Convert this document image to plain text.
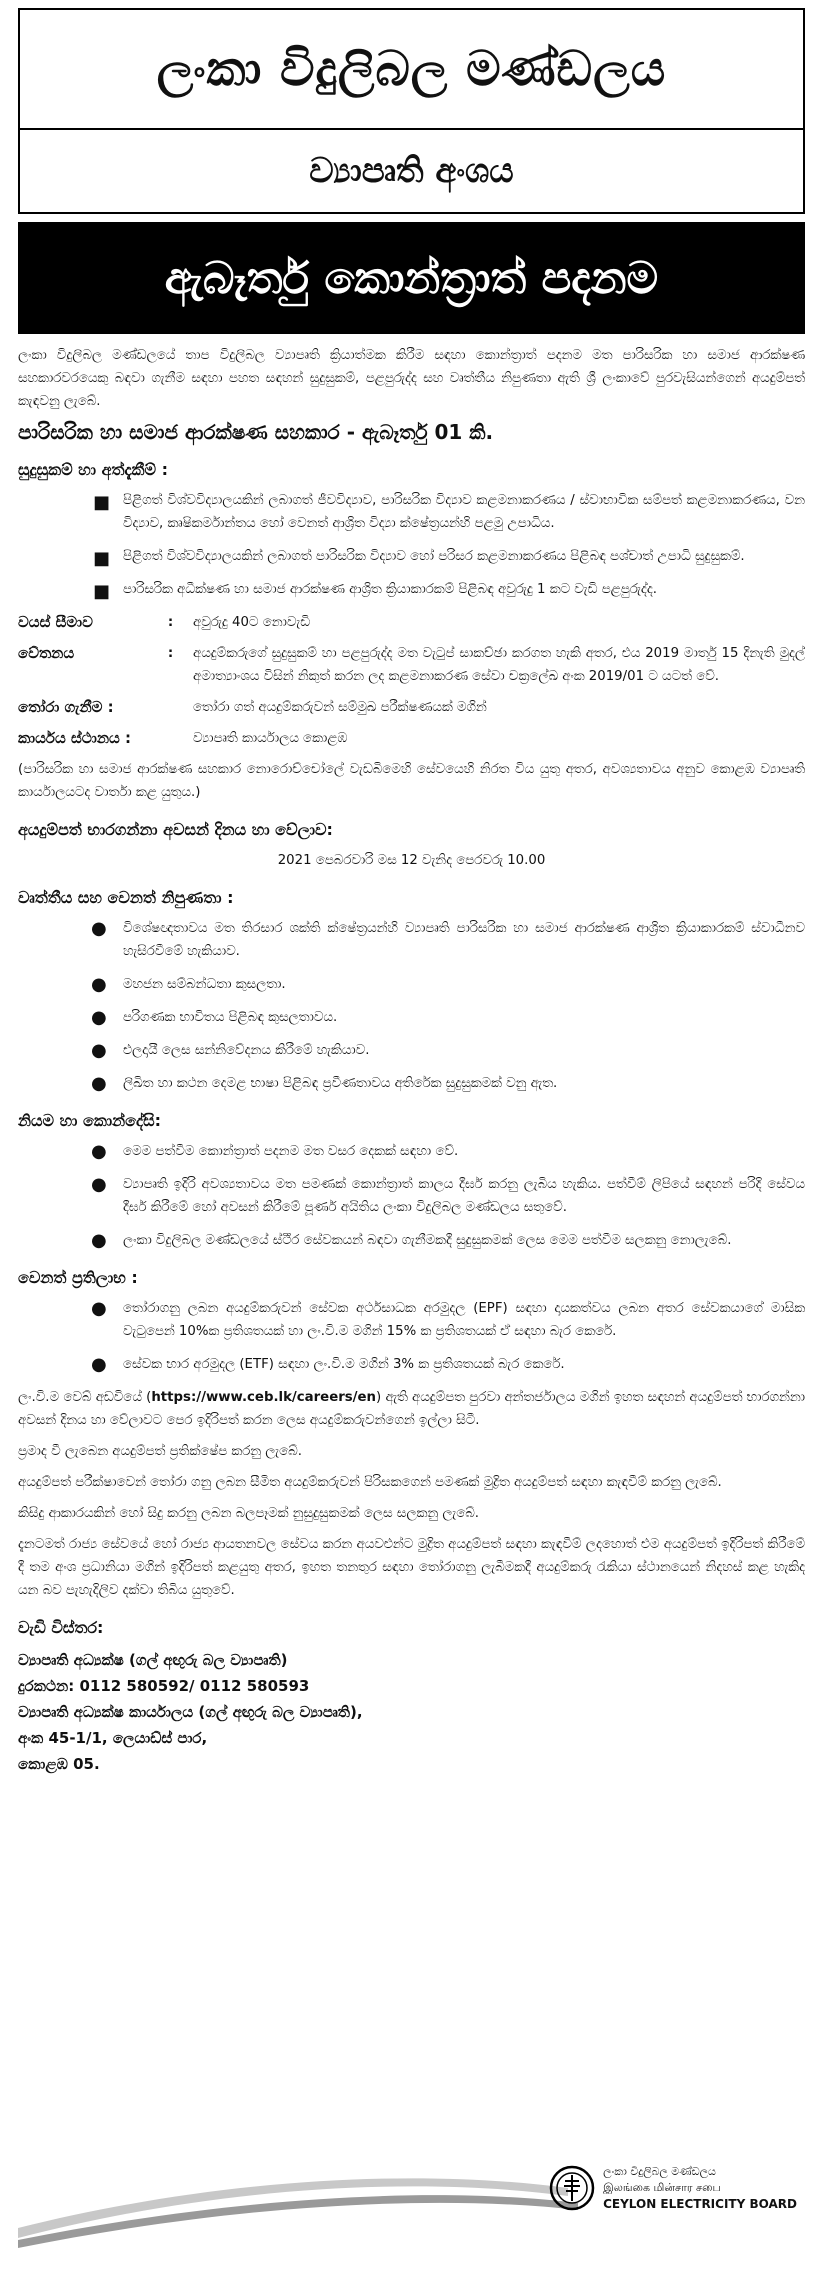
ලංකා විදුලිබල මණ්ඩලය
ව්‍යාපෘති අංශය
ඇබෑර්තු කොන්ත්‍රාත් පදනම

ලංකා විදුලිබල මණ්ඩලයේ තාප විදුලිබල ව්‍යාපෘති ක්‍රියාත්මක කිරීම සඳහා කොන්ත්‍රාත් පදනම මත පාරිසරික හා සමාජ ආරක්ෂණ සහකාරවරයෙකු බඳවා ගැනීම සඳහා පහත සඳහන් සුදුසුකම්, පළපුරුද්ද සහ වෘත්තීය නිපුණතා ඇති ශ්‍රී ලංකාවේ පුරවැසියන්ගෙන් අයදුම්පත් කැඳවනු ලැබේ.

පාරිසරික හා සමාජ ආරක්ෂණ සහකාර - ඇබෑර්තු 01 කි.
සුදුසුකම් හා අත්දැකීම් :
■ පිළිගත් විශ්වවිද්‍යාලයකින් ලබාගත් ජීවවිද්‍යාව, පාරිසරික විද්‍යාව කළමනාකරණය / ස්වාභාවික සම්පත් කළමනාකරණය, වන විද්‍යාව, කෘෂිකර්මාන්තය හෝ වෙනත් ආශ්‍රිත විද්‍යා ක්ෂේත්‍රයන්හි පළමු උපාධිය.
■ පිළිගත් විශ්වවිද්‍යාලයකින් ලබාගත් පාරිසරික විද්‍යාව හෝ පරිසර කළමනාකරණය පිළිබඳ පශ්චාත් උපාධි සුදුසුකම්.
■ පාරිසරික අධීක්ෂණ හා සමාජ ආරක්ෂණ ආශ්‍රිත ක්‍රියාකාරකම් පිළිබඳ අවුරුදු 1 කට වැඩි පළපුරුද්ද.
වයස් සීමාව	:	අවුරුදු 40ට නොවැඩි
වේතනය	:	අයදුම්කරුගේ සුදුසුකම් හා පළපුරුද්ද මත වැටුප් සාකච්ඡා කරගත හැකි අතර, එය 2019 මාර්තු 15 දිනැති මුදල් අමාත්‍යාංශය විසින් නිකුත් කරන ලද කළමනාකරණ සේවා චක්‍රලේඛ අංක 2019/01 ට යටත් වේ.
තෝරා ගැනීම :	තෝරා ගත් අයදුම්කරුවන් සම්මුඛ පරීක්ෂණයක් මගින්
කාර්යය ස්ථානය :	ව්‍යාපෘති කාර්යාලය කොළඹ

(පාරිසරික හා සමාජ ආරක්ෂණ සහකාර නොරොච්චෝලේ වැඩබිමෙහි සේවයෙහි නිරත විය යුතු අතර, අවශ්‍යතාවය අනුව කොළඹ ව්‍යාපෘති කාර්යාලයටද වාර්තා කළ යුතුය.)

අයදුම්පත් භාරගන්නා අවසන් දිනය හා වේලාව:

2021 පෙබරවාරි මස 12 වැනිද පෙරවරු 10.00

වෘත්තීය සහ වෙනත් නිපුණතා :
● විශේෂඥතාවය මත තිරසාර ශක්ති ක්ෂේත්‍රයන්හි ව්‍යාපෘති පාරිසරික හා සමාජ ආරක්ෂණ ආශ්‍රිත ක්‍රියාකාරකම් ස්වාධීනව හැසිරවීමේ හැකියාව.
● මහජන සම්බන්ධතා කුසලතා.
● පරිගණක භාවිතය පිළිබඳ කුසලතාවය.
● එලදායී ලෙස සන්නිවේදනය කිරීමේ හැකියාව.
● ලිඛිත හා කථන දෙමළ භාෂා පිළිබඳ ප්‍රවීණතාවය අතිරේක සුදුසුකමක් වනු ඇත.
නියම හා කොන්දේසි:
● මෙම පත්වීම කොන්ත්‍රාත් පදනම මත වසර දෙකක් සඳහා වේ.
● ව්‍යාපෘති ඉදිරි අවශ්‍යතාවය මත පමණක් කොන්ත්‍රාත් කාලය දීර්ඝ කරනු ලැබිය හැකිය. පත්වීම් ලිපියේ සඳහන් පරිදි සේවය දීර්ඝ කිරීමේ හෝ අවසන් කිරීමේ පූර්ණ අයිතිය ලංකා විදුලිබල මණ්ඩලය සතුවේ.
● ලංකා විදුලිබල මණ්ඩලයේ ස්ථිර සේවකයන් බඳවා ගැනීමකදී සුදුසුකමක් ලෙස මෙම පත්වීම සලකනු නොලැබේ.
වෙනත් ප්‍රතිලාභ :
● තෝරාගනු ලබන අයදුම්කරුවන් සේවක අර්ථසාධක අරමුදල (EPF) සඳහා දායකත්වය ලබන අතර සේවකයාගේ මාසික වැටුපෙන් 10%ක ප්‍රතිශතයක් හා ලං.වි.ම මගින් 15% ක ප්‍රතිශතයක් ඒ සඳහා බැර කෙරේ.
● සේවක භාර අරමුදල (ETF) සඳහා ලං.වි.ම මගින් 3% ක ප්‍රතිශතයක් බැර කෙරේ.

ලං.වි.ම වෙබ් අඩවියේ (https://www.ceb.lk/careers/en) ඇති අයදුම්පත පුරවා අන්තර්ජාලය මගින් ඉහත සඳහන් අයදුම්පත් භාරගන්නා අවසන් දිනය හා වේලාවට පෙර ඉදිරිපත් කරන ලෙස අයදුම්කරුවන්ගෙන් ඉල්ලා සිටී.

ප්‍රමාද වී ලැබෙන අයදුම්පත් ප්‍රතික්ෂේප කරනු ලැබේ.

අයදුම්පත් පරීක්ෂාවෙන් තෝරා ගනු ලබන සීමිත අයදුම්කරුවන් පිරිසකගෙන් පමණක් මුද්‍රිත අයදුම්පත් සඳහා කැඳවීම් කරනු ලැබේ.

කිසිදු ආකාරයකින් හෝ සිදු කරනු ලබන බලපෑමක් නුසුදුසුකමක් ලෙස සලකනු ලැබේ.

දැනටමත් රාජ්‍ය සේවයේ හෝ රාජ්‍ය ආයතනවල සේවය කරන අයවළුන්ට මුද්‍රිත අයදුම්පත් සඳහා කැඳවීම් ලදහොත් එම අයදුම්පත් ඉදිරිපත් කිරීමේ දී තම අංශ ප්‍රධානියා මගින් ඉදිරිපත් කළයුතු අතර, ඉහත තනතුර සඳහා තෝරාගනු ලැබීමකදී අයදුම්කරු රැකියා ස්ථානයෙන් නිදහස් කළ හැකිද යන බව පැහැදිලිව දක්වා තිබිය යුතුවේ.

වැඩි විස්තර:
ව්‍යාපෘති අධ්‍යක්ෂ (ගල් අඟුරු බල ව්‍යාපෘති)
දුරකථන: 0112 580592/ 0112 580593
ව්‍යාපෘති අධ්‍යක්ෂ කාර්යාලය (ගල් අඟුරු බල ව්‍යාපෘති),
අංක 45-1/1, ලෙයාඩ්ස් පාර,
කොළඹ 05.
ලංකා විදුලිබල මණ්ඩලය
இலங்கை மின்சார சபை
CEYLON ELECTRICITY BOARD
